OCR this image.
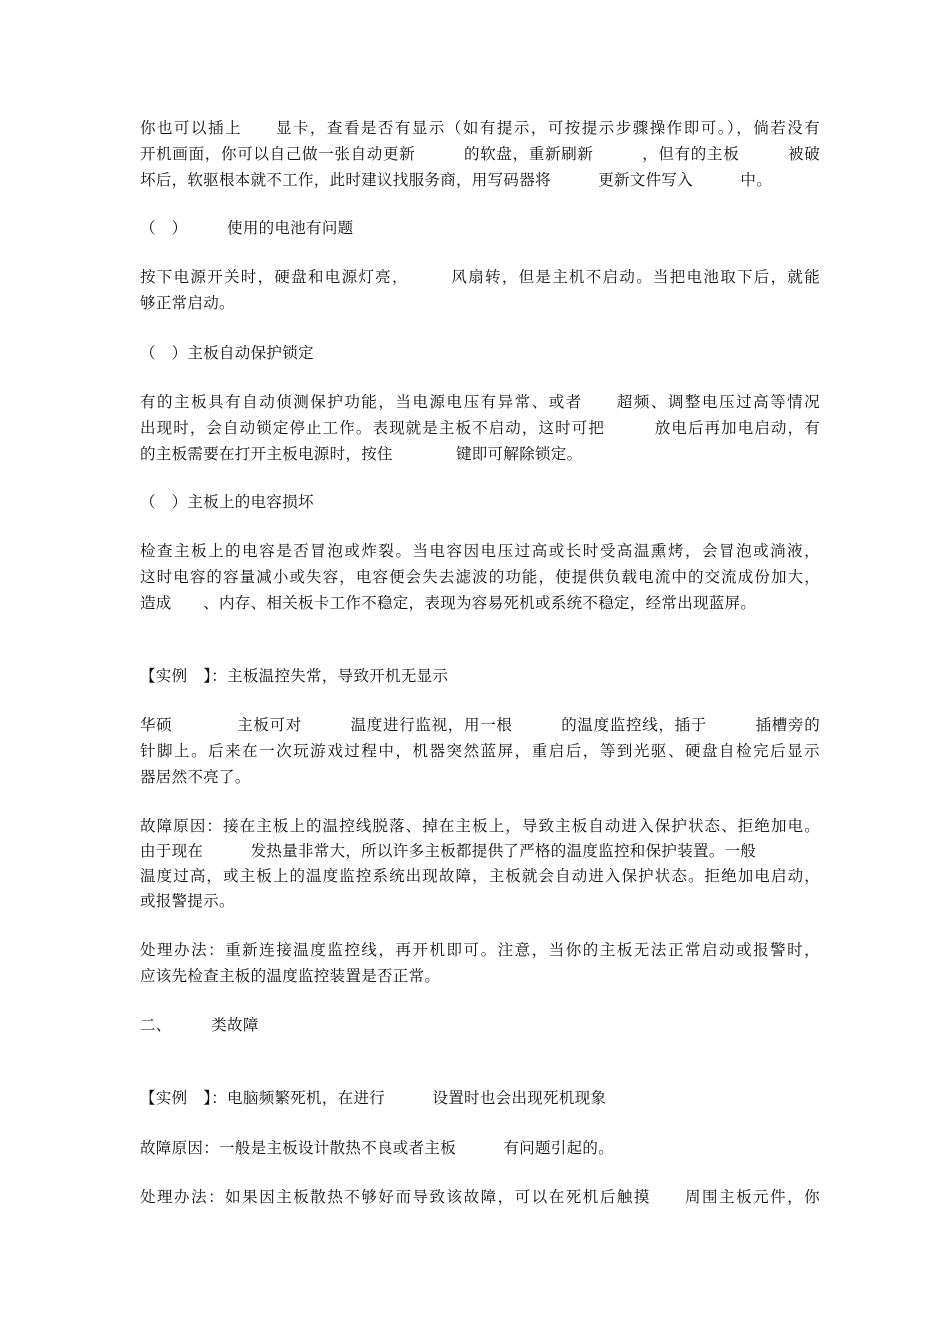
你也可以插上　　显卡，查看是否有显示（如有提示，可按提示步骤操作即可。），倘若没有
开机画面，你可以自己做一张自动更新　　　的软盘，重新刷新　　　，但有的主板　　　被破
坏后，软驱根本就不工作，此时建议找服务商，用写码器将　　　更新文件写入　　　中。
（　）　　　使用的电池有问题
按下电源开关时，硬盘和电源灯亮，　　　风扇转，但是主机不启动。当把电池取下后，就能
够正常启动。
（　）主板自动保护锁定
有的主板具有自动侦测保护功能，当电源电压有异常、或者　　超频、调整电压过高等情况
出现时，会自动锁定停止工作。表现就是主板不启动，这时可把　　　放电后再加电启动，有
的主板需要在打开主板电源时，按住　　　　键即可解除锁定。
（　）主板上的电容损坏
检查主板上的电容是否冒泡或炸裂。当电容因电压过高或长时受高温熏烤，会冒泡或淌液，
这时电容的容量减小或失容，电容便会失去滤波的功能，使提供负载电流中的交流成份加大，
造成　　、内存、相关板卡工作不稳定，表现为容易死机或系统不稳定，经常出现蓝屏。
【实例　】：主板温控失常，导致开机无显示
华硕　　　　主板可对　　　温度进行监视，用一根　　　的温度监控线，插于　　　插槽旁的
针脚上。后来在一次玩游戏过程中，机器突然蓝屏，重启后，等到光驱、硬盘自检完后显示
器居然不亮了。
故障原因：接在主板上的温控线脱落、掉在主板上，导致主板自动进入保护状态、拒绝加电。
由于现在　　　发热量非常大，所以许多主板都提供了严格的温度监控和保护装置。一般
温度过高，或主板上的温度监控系统出现故障，主板就会自动进入保护状态。拒绝加电启动，
或报警提示。
处理办法：重新连接温度监控线，再开机即可。注意，当你的主板无法正常启动或报警时，
应该先检查主板的温度监控装置是否正常。
二、　　　类故障
【实例　】：电脑频繁死机，在进行　　　设置时也会出现死机现象
故障原因：一般是主板设计散热不良或者主板　　　有问题引起的。
处理办法：如果因主板散热不够好而导致该故障，可以在死机后触摸　　周围主板元件，你
